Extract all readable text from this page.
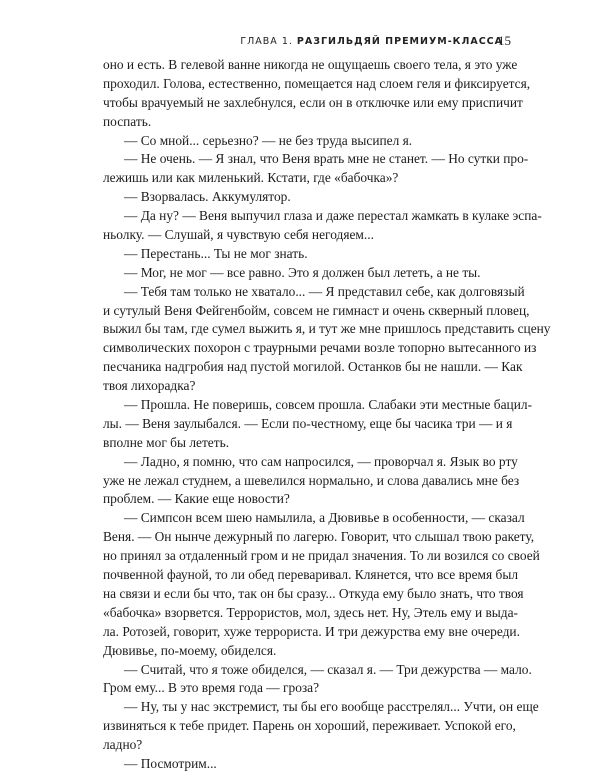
ГЛАВА 1. РАЗГИЛЬДЯЙ ПРЕМИУМ-КЛАССА
15
оно и есть. В гелевой ванне никогда не ощущаешь своего тела, я это уже
проходил. Голова, естественно, помещается над слоем геля и фиксируется,
чтобы врачуемый не захлебнулся, если он в отключке или ему приспичит
поспать.
— Со мной... серьезно? — не без труда высипел я.
— Не очень. — Я знал, что Веня врать мне не станет. — Но сутки про-
лежишь или как миленький. Кстати, где «бабочка»?
— Взорвалась. Аккумулятор.
— Да ну? — Веня выпучил глаза и даже перестал жамкать в кулаке эспа-
ньолку. — Слушай, я чувствую себя негодяем...
— Перестань... Ты не мог знать.
— Мог, не мог — все равно. Это я должен был лететь, а не ты.
— Тебя там только не хватало... — Я представил себе, как долговязый
и сутулый Веня Фейгенбойм, совсем не гимнаст и очень скверный пловец,
выжил бы там, где сумел выжить я, и тут же мне пришлось представить сцену
символических похорон с траурными речами возле топорно вытесанного из
песчаника надгробия над пустой могилой. Останков бы не нашли. — Как
твоя лихорадка?
— Прошла. Не поверишь, совсем прошла. Слабаки эти местные бацил-
лы. — Веня заулыбался. — Если по-честному, еще бы часика три — и я
вполне мог бы лететь.
— Ладно, я помню, что сам напросился, — проворчал я. Язык во рту
уже не лежал студнем, а шевелился нормально, и слова давались мне без
проблем. — Какие еще новости?
— Симпсон всем шею намылила, а Дювивье в особенности, — сказал
Веня. — Он нынче дежурный по лагерю. Говорит, что слышал твою ракету,
но принял за отдаленный гром и не придал значения. То ли возился со своей
почвенной фауной, то ли обед переваривал. Клянется, что все время был
на связи и если бы что, так он бы сразу... Откуда ему было знать, что твоя
«бабочка» взорвется. Террористов, мол, здесь нет. Ну, Этель ему и выда-
ла. Ротозей, говорит, хуже террориста. И три дежурства ему вне очереди.
Дювивье, по-моему, обиделся.
— Считай, что я тоже обиделся, — сказал я. — Три дежурства — мало.
Гром ему... В это время года — гроза?
— Ну, ты у нас экстремист, ты бы его вообще расстрелял... Учти, он еще
извиняться к тебе придет. Парень он хороший, переживает. Успокой его,
ладно?
— Посмотрим...
